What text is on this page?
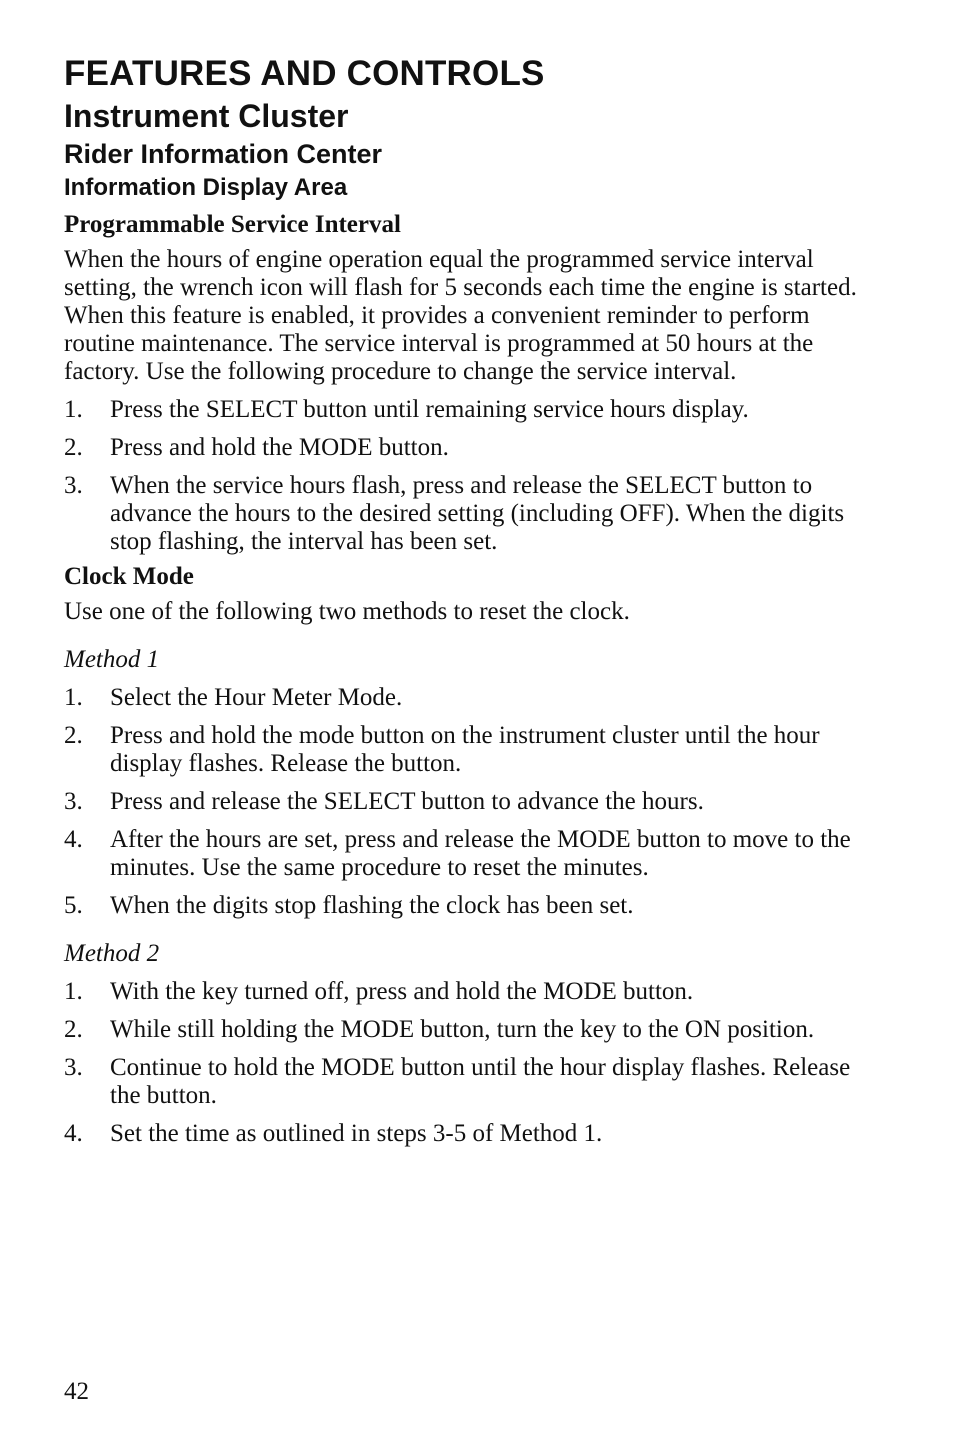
FEATURES AND CONTROLS
Instrument Cluster
Rider Information Center
Information Display Area
Programmable Service Interval

When the hours of engine operation equal the programmed service interval setting, the wrench icon will flash for 5 seconds each time the engine is started. When this feature is enabled, it provides a convenient reminder to perform routine maintenance. The service interval is programmed at 50 hours at the factory. Use the following procedure to change the service interval.

1. Press the SELECT button until remaining service hours display.
2. Press and hold the MODE button.
3. When the service hours flash, press and release the SELECT button to advance the hours to the desired setting (including OFF). When the digits stop flashing, the interval has been set.
Clock Mode

Use one of the following two methods to reset the clock.

Method 1
1. Select the Hour Meter Mode.
2. Press and hold the mode button on the instrument cluster until the hour display flashes. Release the button.
3. Press and release the SELECT button to advance the hours.
4. After the hours are set, press and release the MODE button to move to the minutes. Use the same procedure to reset the minutes.
5. When the digits stop flashing the clock has been set.
Method 2
1. With the key turned off, press and hold the MODE button.
2. While still holding the MODE button, turn the key to the ON position.
3. Continue to hold the MODE button until the hour display flashes. Release the button.
4. Set the time as outlined in steps 3-5 of Method 1.
42
